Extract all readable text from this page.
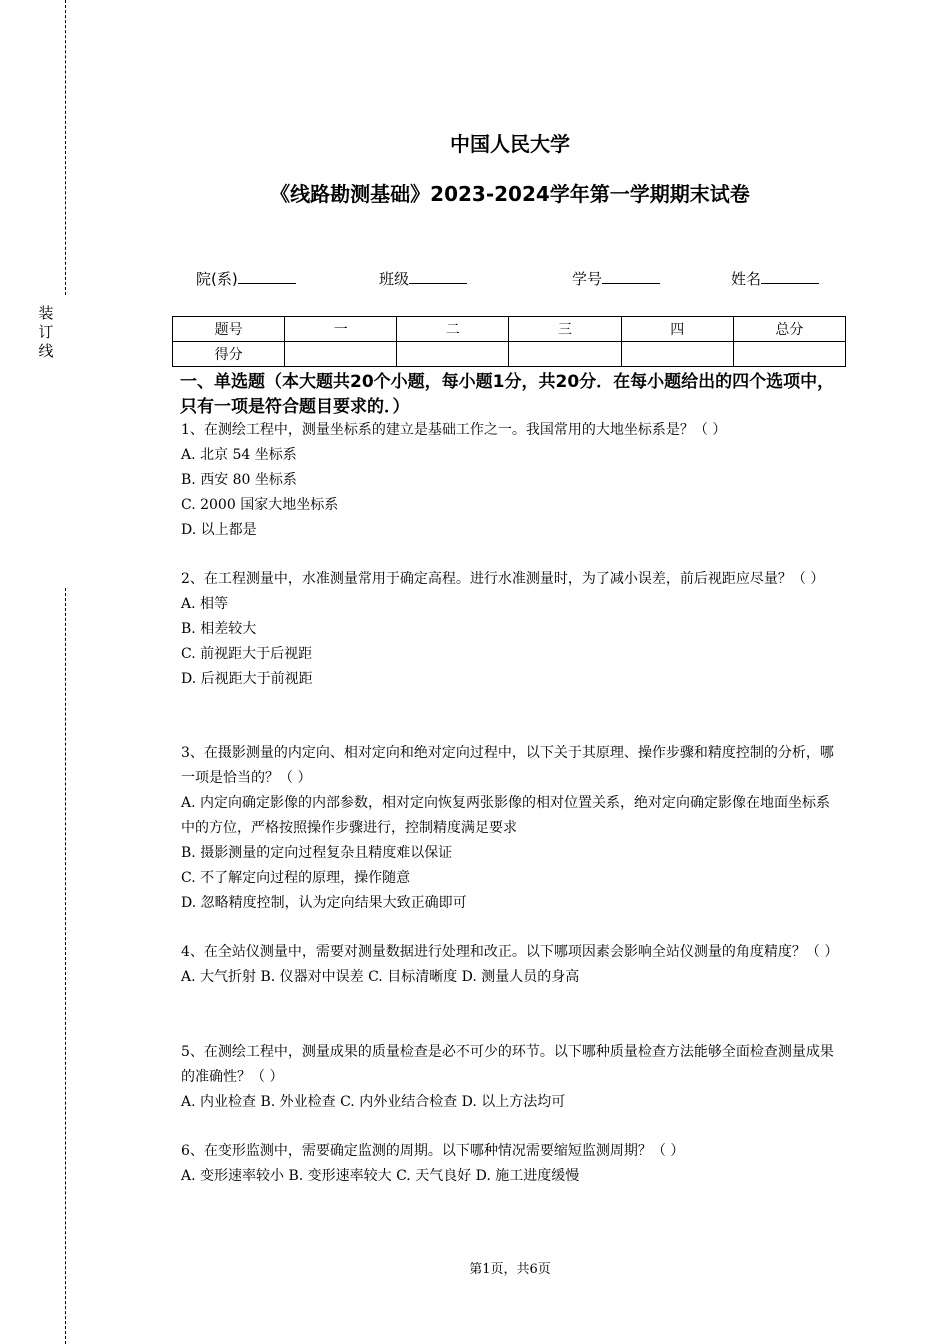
装
订
线
中国人民大学
《线路勘测基础》2023-2024学年第一学期期末试卷
院(系)	班级	学号	姓名
题号	一	二	三	四	总分
得分					
一、单选题（本大题共20个小题，每小题1分，共20分．在每小题给出的四个选项中，只有一项是符合题目要求的．）

1、在测绘工程中，测量坐标系的建立是基础工作之一。我国常用的大地坐标系是？（ ）

A. 北京 54 坐标系

B. 西安 80 坐标系

C. 2000 国家大地坐标系

D. 以上都是

2、在工程测量中，水准测量常用于确定高程。进行水准测量时，为了减小误差，前后视距应尽量？（ ）

A. 相等

B. 相差较大

C. 前视距大于后视距

D. 后视距大于前视距

3、在摄影测量的内定向、相对定向和绝对定向过程中，以下关于其原理、操作步骤和精度控制的分析，哪一项是恰当的？（ ）

A. 内定向确定影像的内部参数，相对定向恢复两张影像的相对位置关系，绝对定向确定影像在地面坐标系中的方位，严格按照操作步骤进行，控制精度满足要求

B. 摄影测量的定向过程复杂且精度难以保证

C. 不了解定向过程的原理，操作随意

D. 忽略精度控制，认为定向结果大致正确即可

4、在全站仪测量中，需要对测量数据进行处理和改正。以下哪项因素会影响全站仪测量的角度精度？（ ）

A. 大气折射 B. 仪器对中误差 C. 目标清晰度 D. 测量人员的身高

5、在测绘工程中，测量成果的质量检查是必不可少的环节。以下哪种质量检查方法能够全面检查测量成果的准确性？（ ）

A. 内业检查 B. 外业检查 C. 内外业结合检查 D. 以上方法均可

6、在变形监测中，需要确定监测的周期。以下哪种情况需要缩短监测周期？（ ）

A. 变形速率较小 B. 变形速率较大 C. 天气良好 D. 施工进度缓慢

第1页，共6页
